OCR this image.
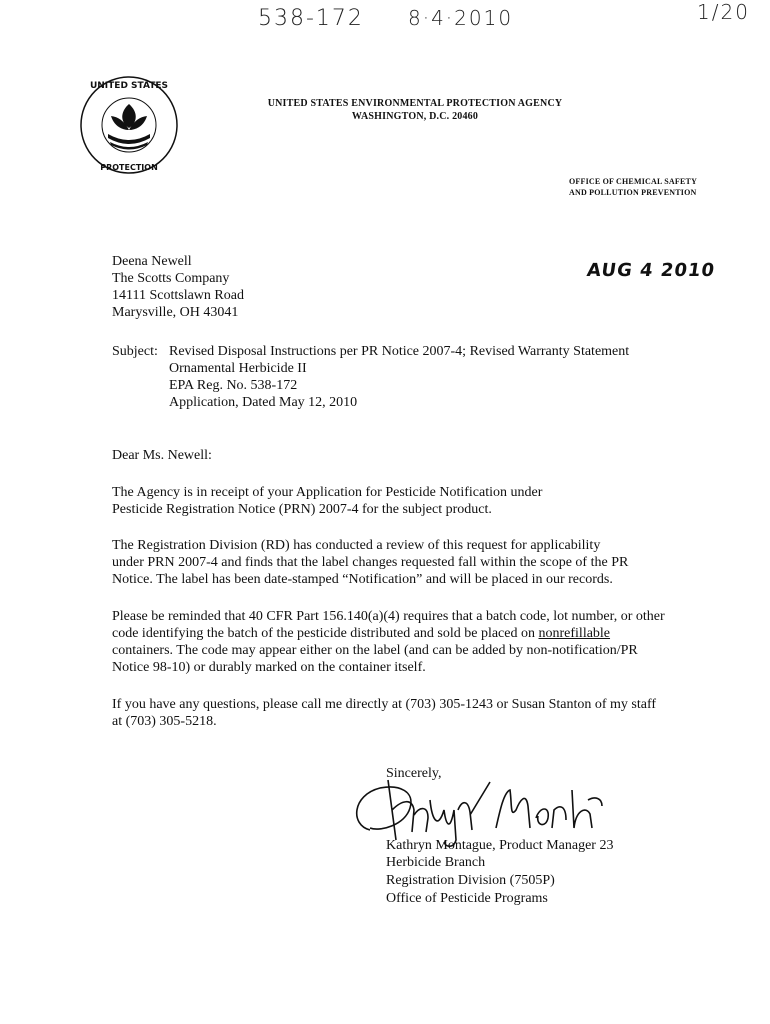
538-172 8·4·2010	1/20
UNITED STATES
PROTECTION
UNITED STATES ENVIRONMENTAL PROTECTION AGENCY
WASHINGTON, D.C. 20460
OFFICE OF CHEMICAL SAFETY
AND POLLUTION PREVENTION
AUG 4 2010
Deena Newell
The Scotts Company
14111 Scottslawn Road
Marysville, OH 43041
Subject: Revised Disposal Instructions per PR Notice 2007-4; Revised Warranty Statement
Ornamental Herbicide II
EPA Reg. No. 538-172
Application, Dated May 12, 2010
Dear Ms. Newell:
The Agency is in receipt of your Application for Pesticide Notification under
Pesticide Registration Notice (PRN) 2007-4 for the subject product.
The Registration Division (RD) has conducted a review of this request for applicability
under PRN 2007-4 and finds that the label changes requested fall within the scope of the PR
Notice. The label has been date-stamped “Notification” and will be placed in our records.
Please be reminded that 40 CFR Part 156.140(a)(4) requires that a batch code, lot number, or other
code identifying the batch of the pesticide distributed and sold be placed on nonrefillable
containers. The code may appear either on the label (and can be added by non-notification/PR
Notice 98-10) or durably marked on the container itself.
If you have any questions, please call me directly at (703) 305-1243 or Susan Stanton of my staff
at (703) 305-5218.
Sincerely,
Kathryn Montague, Product Manager 23
Herbicide Branch
Registration Division (7505P)
Office of Pesticide Programs
